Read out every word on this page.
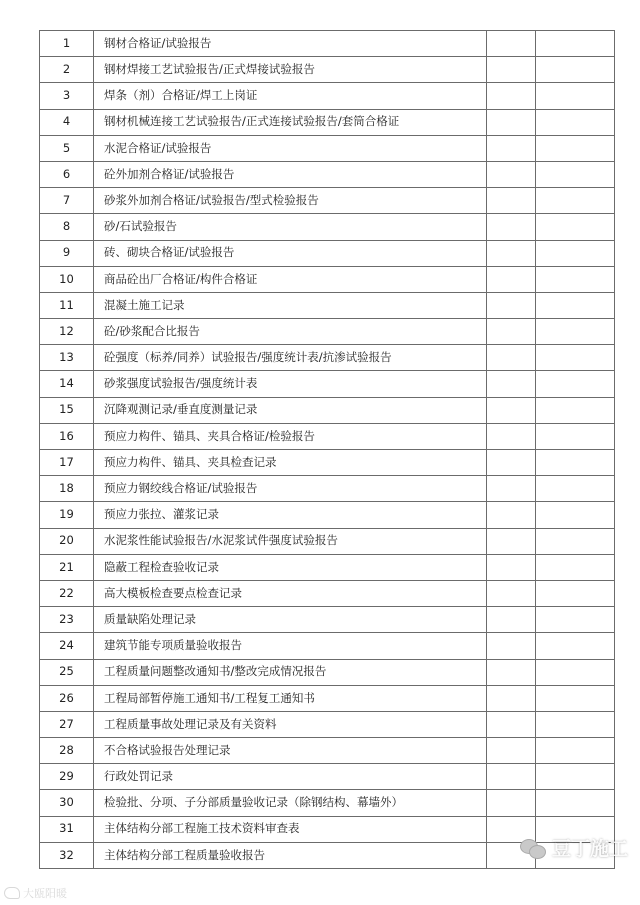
1	钢材合格证/试验报告		
2	钢材焊接工艺试验报告/正式焊接试验报告		
3	焊条（剂）合格证/焊工上岗证		
4	钢材机械连接工艺试验报告/正式连接试验报告/套筒合格证		
5	水泥合格证/试验报告		
6	砼外加剂合格证/试验报告		
7	砂浆外加剂合格证/试验报告/型式检验报告		
8	砂/石试验报告		
9	砖、砌块合格证/试验报告		
10	商品砼出厂合格证/构件合格证		
11	混凝土施工记录		
12	砼/砂浆配合比报告		
13	砼强度（标养/同养）试验报告/强度统计表/抗渗试验报告		
14	砂浆强度试验报告/强度统计表		
15	沉降观测记录/垂直度测量记录		
16	预应力构件、锚具、夹具合格证/检验报告		
17	预应力构件、锚具、夹具检查记录		
18	预应力钢绞线合格证/试验报告		
19	预应力张拉、灌浆记录		
20	水泥浆性能试验报告/水泥浆试件强度试验报告		
21	隐蔽工程检查验收记录		
22	高大模板检查要点检查记录		
23	质量缺陷处理记录		
24	建筑节能专项质量验收报告		
25	工程质量问题整改通知书/整改完成情况报告		
26	工程局部暂停施工通知书/工程复工通知书		
27	工程质量事故处理记录及有关资料		
28	不合格试验报告处理记录		
29	行政处罚记录		
30	检验批、分项、子分部质量验收记录（除钢结构、幕墙外）		
31	主体结构分部工程施工技术资料审查表		
32	主体结构分部工程质量验收报告		
大瓯阳暖
豆丁施工
